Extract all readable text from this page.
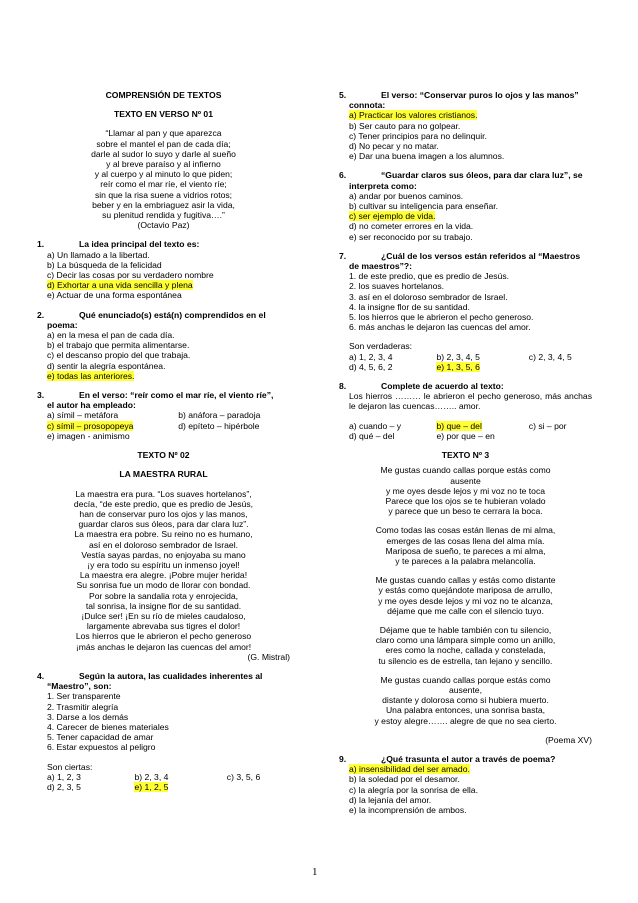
COMPRENSIÓN DE TEXTOS
TEXTO EN VERSO Nº 01
“Llamar al pan y que aparezca
sobre el mantel el pan de cada día;
darle al sudor lo suyo y darle al sueño
y al breve paraíso y al infierno
y al cuerpo y al minuto lo que piden;
reír como el mar ríe, el viento ríe;
sin que la risa suene a vidrios rotos;
beber y en la embriaguez asir la vida,
su plenitud rendida y fugitiva….”
(Octavio Paz)
1.	La idea principal del texto es:
a) Un llamado a la libertad.
b) La búsqueda de la felicidad
c) Decir las cosas por su verdadero nombre
d) Exhortar a una vida sencilla y plena
e) Actuar de una forma espontánea
2.	Qué enunciado(s) está(n) comprendidos en el
poema:
a) en la mesa el pan de cada día.
b) el trabajo que permita alimentarse.
c) el descanso propio del que trabaja.
d) sentir la alegría espontánea.
e) todas las anteriores.
3.	En el verso: “reír como el mar ríe, el viento ríe”,
el autor ha empleado:
a) símil – metáfora	b) anáfora – paradoja
c) símil – prosopopeya	d) epíteto – hipérbole
e) imagen - animismo
TEXTO Nº 02
LA MAESTRA RURAL
La maestra era pura. “Los suaves hortelanos”,
decía, “de este predio, que es predio de Jesús,
han de conservar puro los ojos y las manos,
guardar claros sus óleos, para dar clara luz”.
La maestra era pobre. Su reino no es humano,
así en el doloroso sembrador de Israel.
Vestía sayas pardas, no enjoyaba su mano
¡y era todo su espíritu un inmenso joyel!
La maestra era alegre. ¡Pobre mujer herida!
Su sonrisa fue un modo de llorar con bondad.
Por sobre la sandalia rota y enrojecida,
tal sonrisa, la insigne flor de su santidad.
¡Dulce ser! ¡En su río de mieles caudaloso,
largamente abrevaba sus tigres el dolor!
Los hierros que le abrieron el pecho generoso
¡más anchas le dejaron las cuencas del amor!
(G. Mistral)
4.	Según la autora, las cualidades inherentes al
“Maestro”, son:
1. Ser transparente
2. Trasmitir alegría
3. Darse a los demás
4. Carecer de bienes materiales
5. Tener capacidad de amar
6. Estar expuestos al peligro
Son ciertas:
a) 1, 2, 3	b) 2, 3, 4	c) 3, 5, 6
d) 2, 3, 5	e) 1, 2, 5
5.	El verso: “Conservar puros lo ojos y las manos”
connota:
a) Practicar los valores cristianos.
b) Ser cauto para no golpear.
c) Tener principios para no delinquir.
d) No pecar y no matar.
e) Dar una buena imagen a los alumnos.
6.	“Guardar claros sus óleos, para dar clara luz”, se
interpreta como:
a) andar por buenos caminos.
b) cultivar su inteligencia para enseñar.
c) ser ejemplo de vida.
d) no cometer errores en la vida.
e) ser reconocido por su trabajo.
7.	¿Cuál de los versos están referidos al “Maestros
de maestros”?:
1. de este predio, que es predio de Jesús.
2. los suaves hortelanos.
3. así en el doloroso sembrador de Israel.
4. la insigne flor de su santidad.
5. los hierros que le abrieron el pecho generoso.
6. más anchas le dejaron las cuencas del amor.
Son verdaderas:
a) 1, 2, 3, 4	b) 2, 3, 4, 5	c) 2, 3, 4, 5
d) 4, 5, 6, 2	e) 1, 3, 5, 6
8.	Complete de acuerdo al texto:
Los hierros ……… le abrieron el pecho generoso, más anchas le dejaron las cuencas…….. amor.
a) cuando – y	b) que – del	c) si – por
d) qué – del	e) por que – en
TEXTO Nº 3
Me gustas cuando callas porque estás como
ausente
y me oyes desde lejos y mi voz no te toca
Parece que los ojos se te hubieran volado
y parece que un beso te cerrara la boca.
Como todas las cosas están llenas de mi alma,
emerges de las cosas llena del alma mía.
Mariposa de sueño, te pareces a mi alma,
y te pareces a la palabra melancolía.
Me gustas cuando callas y estás como distante
y estás como quejándote mariposa de arrullo,
y me oyes desde lejos y mi voz no te alcanza,
déjame que me calle con el silencio tuyo.
Déjame que te hable también con tu silencio,
claro como una lámpara simple como un anillo,
eres como la noche, callada y constelada,
tu silencio es de estrella, tan lejano y sencillo.
Me gustas cuando callas porque estás como
ausente,
distante y dolorosa como si hubiera muerto.
Una palabra entonces, una sonrisa basta,
y estoy alegre……. alegre de que no sea cierto.
(Poema XV)
9.	¿Qué trasunta el autor a través de poema?
a) insensibilidad del ser amado.
b) la soledad por el desamor.
c) la alegría por la sonrisa de ella.
d) la lejanía del amor.
e) la incomprensión de ambos.
1
